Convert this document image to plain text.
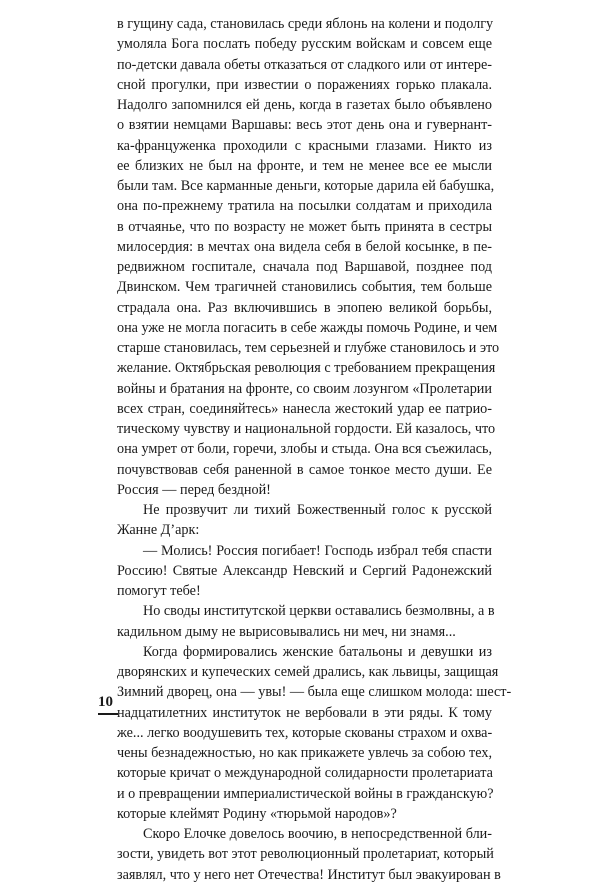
в гущину сада, становилась среди яблонь на колени и подолгу
умоляла Бога послать победу русским войскам и совсем еще
по-детски давала обеты отказаться от сладкого или от интере-
сной прогулки, при известии о поражениях горько плакала.
Надолго запомнился ей день, когда в газетах было объявлено
о взятии немцами Варшавы: весь этот день она и гувернант-
ка-француженка проходили с красными глазами. Никто из
ее близких не был на фронте, и тем не менее все ее мысли
были там. Все карманные деньги, которые дарила ей бабушка,
она по-прежнему тратила на посылки солдатам и приходила
в отчаянье, что по возрасту не может быть принята в сестры
милосердия: в мечтах она видела себя в белой косынке, в пе-
редвижном госпитале, сначала под Варшавой, позднее под
Двинском. Чем трагичней становились события, тем больше
страдала она. Раз включившись в эпопею великой борьбы,
она уже не могла погасить в себе жажды помочь Родине, и чем
старше становилась, тем серьезней и глубже становилось и это
желание. Октябрьская революция с требованием прекращения
войны и братания на фронте, со своим лозунгом «Пролетарии
всех стран, соединяйтесь» нанесла жестокий удар ее патрио-
тическому чувству и национальной гордости. Ей казалось, что
она умрет от боли, горечи, злобы и стыда. Она вся съежилась,
почувствовав себя раненной в самое тонкое место души. Ее
Россия — перед бездной!
Не прозвучит ли тихий Божественный голос к русской
Жанне Д’арк:
— Молись! Россия погибает! Господь избрал тебя спасти
Россию! Святые Александр Невский и Сергий Радонежский
помогут тебе!
Но своды институтской церкви оставались безмолвны, а в
кадильном дыму не вырисовывались ни меч, ни знамя...
Когда формировались женские батальоны и девушки из
дворянских и купеческих семей дрались, как львицы, защищая
Зимний дворец, она — увы! — была еще слишком молода: шест-
надцатилетних институток не вербовали в эти ряды. К тому
же... легко воодушевить тех, которые скованы страхом и охва-
чены безнадежностью, но как прикажете увлечь за собою тех,
которые кричат о международной солидарности пролетариата
и о превращении империалистической войны в гражданскую?
которые клеймят Родину «тюрьмой народов»?
Скоро Елочке довелось воочию, в непосредственной бли-
зости, увидеть вот этот революционный пролетариат, который
заявлял, что у него нет Отечества! Институт был эвакуирован в
10
